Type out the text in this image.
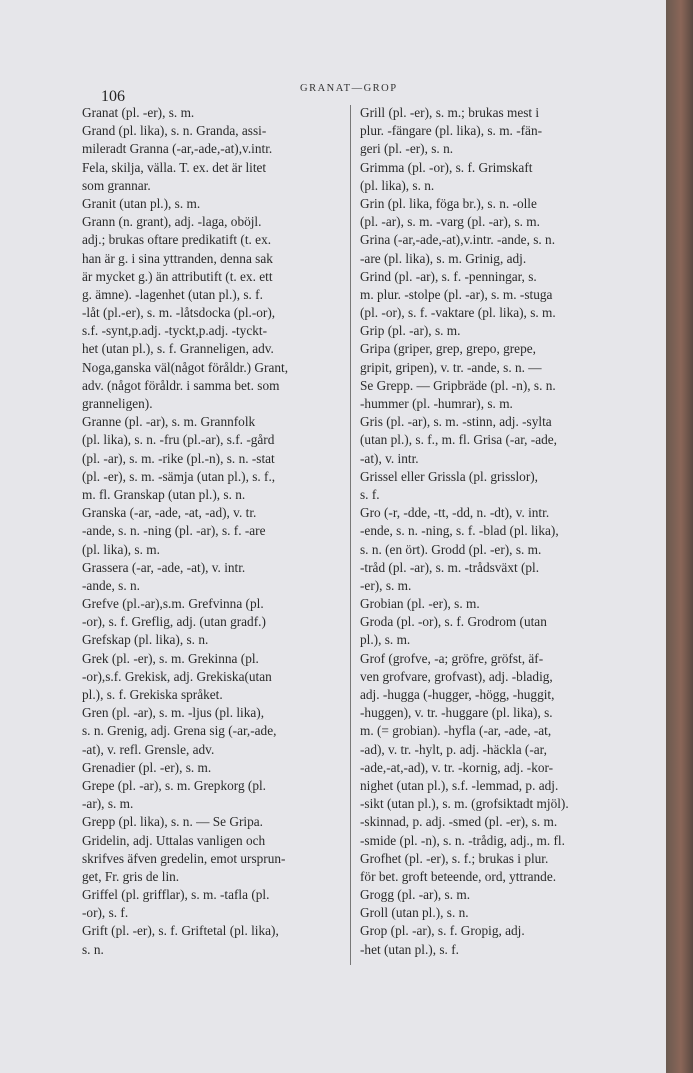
106	GRANAT—GROP
Granat (pl. -er), s. m.
Grand (pl. lika), s. n. Granda, assi-
mileradt Granna (-ar,-ade,-at),v.intr.
Fela, skilja, välla. T. ex. det är litet
som grannar.
Granit (utan pl.), s. m.
Grann (n. grant), adj. -laga, oböjl.
adj.; brukas oftare predikatift (t. ex.
han är g. i sina yttranden, denna sak
är mycket g.) än attributift (t. ex. ett
g. ämne). -lagenhet (utan pl.), s. f.
-låt (pl.-er), s. m. -låtsdocka (pl.-or),
s.f. -synt,p.adj. -tyckt,p.adj. -tyckt-
het (utan pl.), s. f. Granneligen, adv.
Noga,ganska väl(något föråldr.) Grant,
adv. (något föråldr. i samma bet. som
granneligen).
Granne (pl. -ar), s. m. Grannfolk
(pl. lika), s. n. -fru (pl.-ar), s.f. -gård
(pl. -ar), s. m. -rike (pl.-n), s. n. -stat
(pl. -er), s. m. -sämja (utan pl.), s. f.,
m. fl. Granskap (utan pl.), s. n.
Granska (-ar, -ade, -at, -ad), v. tr.
-ande, s. n. -ning (pl. -ar), s. f. -are
(pl. lika), s. m.
Grassera (-ar, -ade, -at), v. intr.
-ande, s. n.
Grefve (pl.-ar),s.m. Grefvinna (pl.
-or), s. f. Greflig, adj. (utan gradf.)
Grefskap (pl. lika), s. n.
Grek (pl. -er), s. m. Grekinna (pl.
-or),s.f. Grekisk, adj. Grekiska(utan
pl.), s. f. Grekiska språket.
Gren (pl. -ar), s. m. -ljus (pl. lika),
s. n. Grenig, adj. Grena sig (-ar,-ade,
-at), v. refl. Grensle, adv.
Grenadier (pl. -er), s. m.
Grepe (pl. -ar), s. m. Grepkorg (pl.
-ar), s. m.
Grepp (pl. lika), s. n. — Se Gripa.
Gridelin, adj. Uttalas vanligen och
skrifves äfven gredelin, emot ursprun-
get, Fr. gris de lin.
Griffel (pl. grifflar), s. m. -tafla (pl.
-or), s. f.
Grift (pl. -er), s. f. Griftetal (pl. lika),
s. n.
Grill (pl. -er), s. m.; brukas mest i
plur. -fängare (pl. lika), s. m. -fän-
geri (pl. -er), s. n.
Grimma (pl. -or), s. f. Grimskaft
(pl. lika), s. n.
Grin (pl. lika, föga br.), s. n. -olle
(pl. -ar), s. m. -varg (pl. -ar), s. m.
Grina (-ar,-ade,-at),v.intr. -ande, s. n.
-are (pl. lika), s. m. Grinig, adj.
Grind (pl. -ar), s. f. -penningar, s.
m. plur. -stolpe (pl. -ar), s. m. -stuga
(pl. -or), s. f. -vaktare (pl. lika), s. m.
Grip (pl. -ar), s. m.
Gripa (griper, grep, grepo, grepe,
gripit, gripen), v. tr. -ande, s. n. —
Se Grepp. — Gripbräde (pl. -n), s. n.
-hummer (pl. -humrar), s. m.
Gris (pl. -ar), s. m. -stinn, adj. -sylta
(utan pl.), s. f., m. fl. Grisa (-ar, -ade,
-at), v. intr.
Grissel eller Grissla (pl. grisslor),
s. f.
Gro (-r, -dde, -tt, -dd, n. -dt), v. intr.
-ende, s. n. -ning, s. f. -blad (pl. lika),
s. n. (en ört). Grodd (pl. -er), s. m.
-tråd (pl. -ar), s. m. -trådsväxt (pl.
-er), s. m.
Grobian (pl. -er), s. m.
Groda (pl. -or), s. f. Grodrom (utan
pl.), s. m.
Grof (grofve, -a; gröfre, gröfst, äf-
ven grofvare, grofvast), adj. -bladig,
adj. -hugga (-hugger, -högg, -huggit,
-huggen), v. tr. -huggare (pl. lika), s.
m. (= grobian). -hyfla (-ar, -ade, -at,
-ad), v. tr. -hylt, p. adj. -häckla (-ar,
-ade,-at,-ad), v. tr. -kornig, adj. -kor-
nighet (utan pl.), s.f. -lemmad, p. adj.
-sikt (utan pl.), s. m. (grofsiktadt mjöl).
-skinnad, p. adj. -smed (pl. -er), s. m.
-smide (pl. -n), s. n. -trådig, adj., m. fl.
Grofhet (pl. -er), s. f.; brukas i plur.
för bet. groft beteende, ord, yttrande.
Grogg (pl. -ar), s. m.
Groll (utan pl.), s. n.
Grop (pl. -ar), s. f. Gropig, adj.
-het (utan pl.), s. f.
